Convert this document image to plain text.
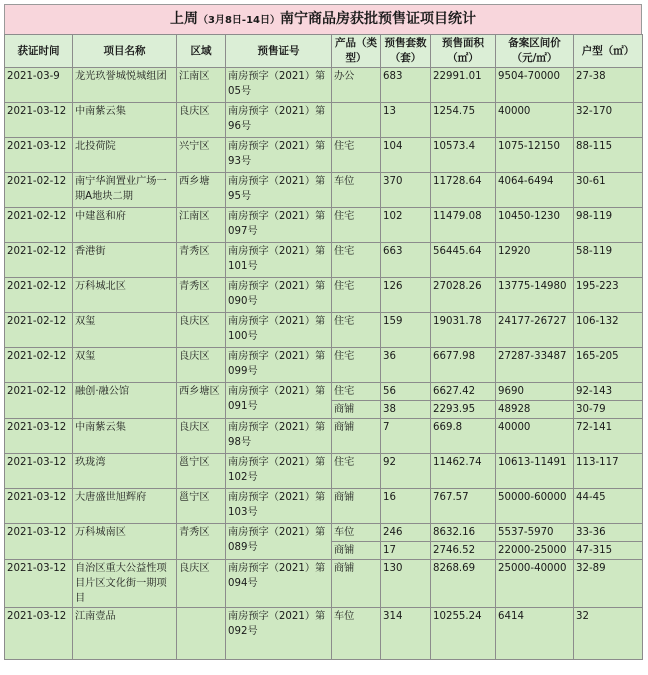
上周（3月8日-14日）南宁商品房获批预售证项目统计
获证时间	项目名称	区域	预售证号	产品（类型）	预售套数（套）	预售面积（㎡）	备案区间价（元/㎡）	户型（㎡）
2021-03-9	龙光玖誉城悦城组团	江南区	南房预字（2021）第05号	办公	683	22991.01	9504-70000	27-38
2021-03-12	中南紫云集	良庆区	南房预字（2021）第96号		13	1254.75	40000	32-170
2021-03-12	北投荷院	兴宁区	南房预字（2021）第93号	住宅	104	10573.4	1075-12150	88-115
2021-02-12	南宁华润置业广场一期A地块二期	西乡塘	南房预字（2021）第95号	车位	370	11728.64	4064-6494	30-61
2021-02-12	中建邕和府	江南区	南房预字（2021）第097号	住宅	102	11479.08	10450-1230	98-119
2021-02-12	香港街	青秀区	南房预字（2021）第101号	住宅	663	56445.64	12920	58-119
2021-02-12	万科城北区	青秀区	南房预字（2021）第090号	住宅	126	27028.26	13775-14980	195-223
2021-02-12	双玺	良庆区	南房预字（2021）第100号	住宅	159	19031.78	24177-26727	106-132
2021-02-12	双玺	良庆区	南房预字（2021）第099号	住宅	36	6677.98	27287-33487	165-205
2021-02-12	融创·融公馆	西乡塘区	南房预字（2021）第091号	住宅	56	6627.42	9690	92-143
				商铺	38	2293.95	48928	30-79
2021-03-12	中南紫云集	良庆区	南房预字（2021）第98号	商铺	7	669.8	40000	72-141
2021-03-12	玖珑湾	邕宁区	南房预字（2021）第102号	住宅	92	11462.74	10613-11491	113-117
2021-03-12	大唐盛世旭辉府	邕宁区	南房预字（2021）第103号	商铺	16	767.57	50000-60000	44-45
2021-03-12	万科城南区	青秀区	南房预字（2021）第089号	车位	246	8632.16	5537-5970	33-36
				商铺	17	2746.52	22000-25000	47-315
2021-03-12	自治区重大公益性项目片区文化街一期项目	良庆区	南房预字（2021）第094号	商铺	130	8268.69	25000-40000	32-89
2021-03-12	江南壹品		南房预字（2021）第092号	车位	314	10255.24	6414	32
